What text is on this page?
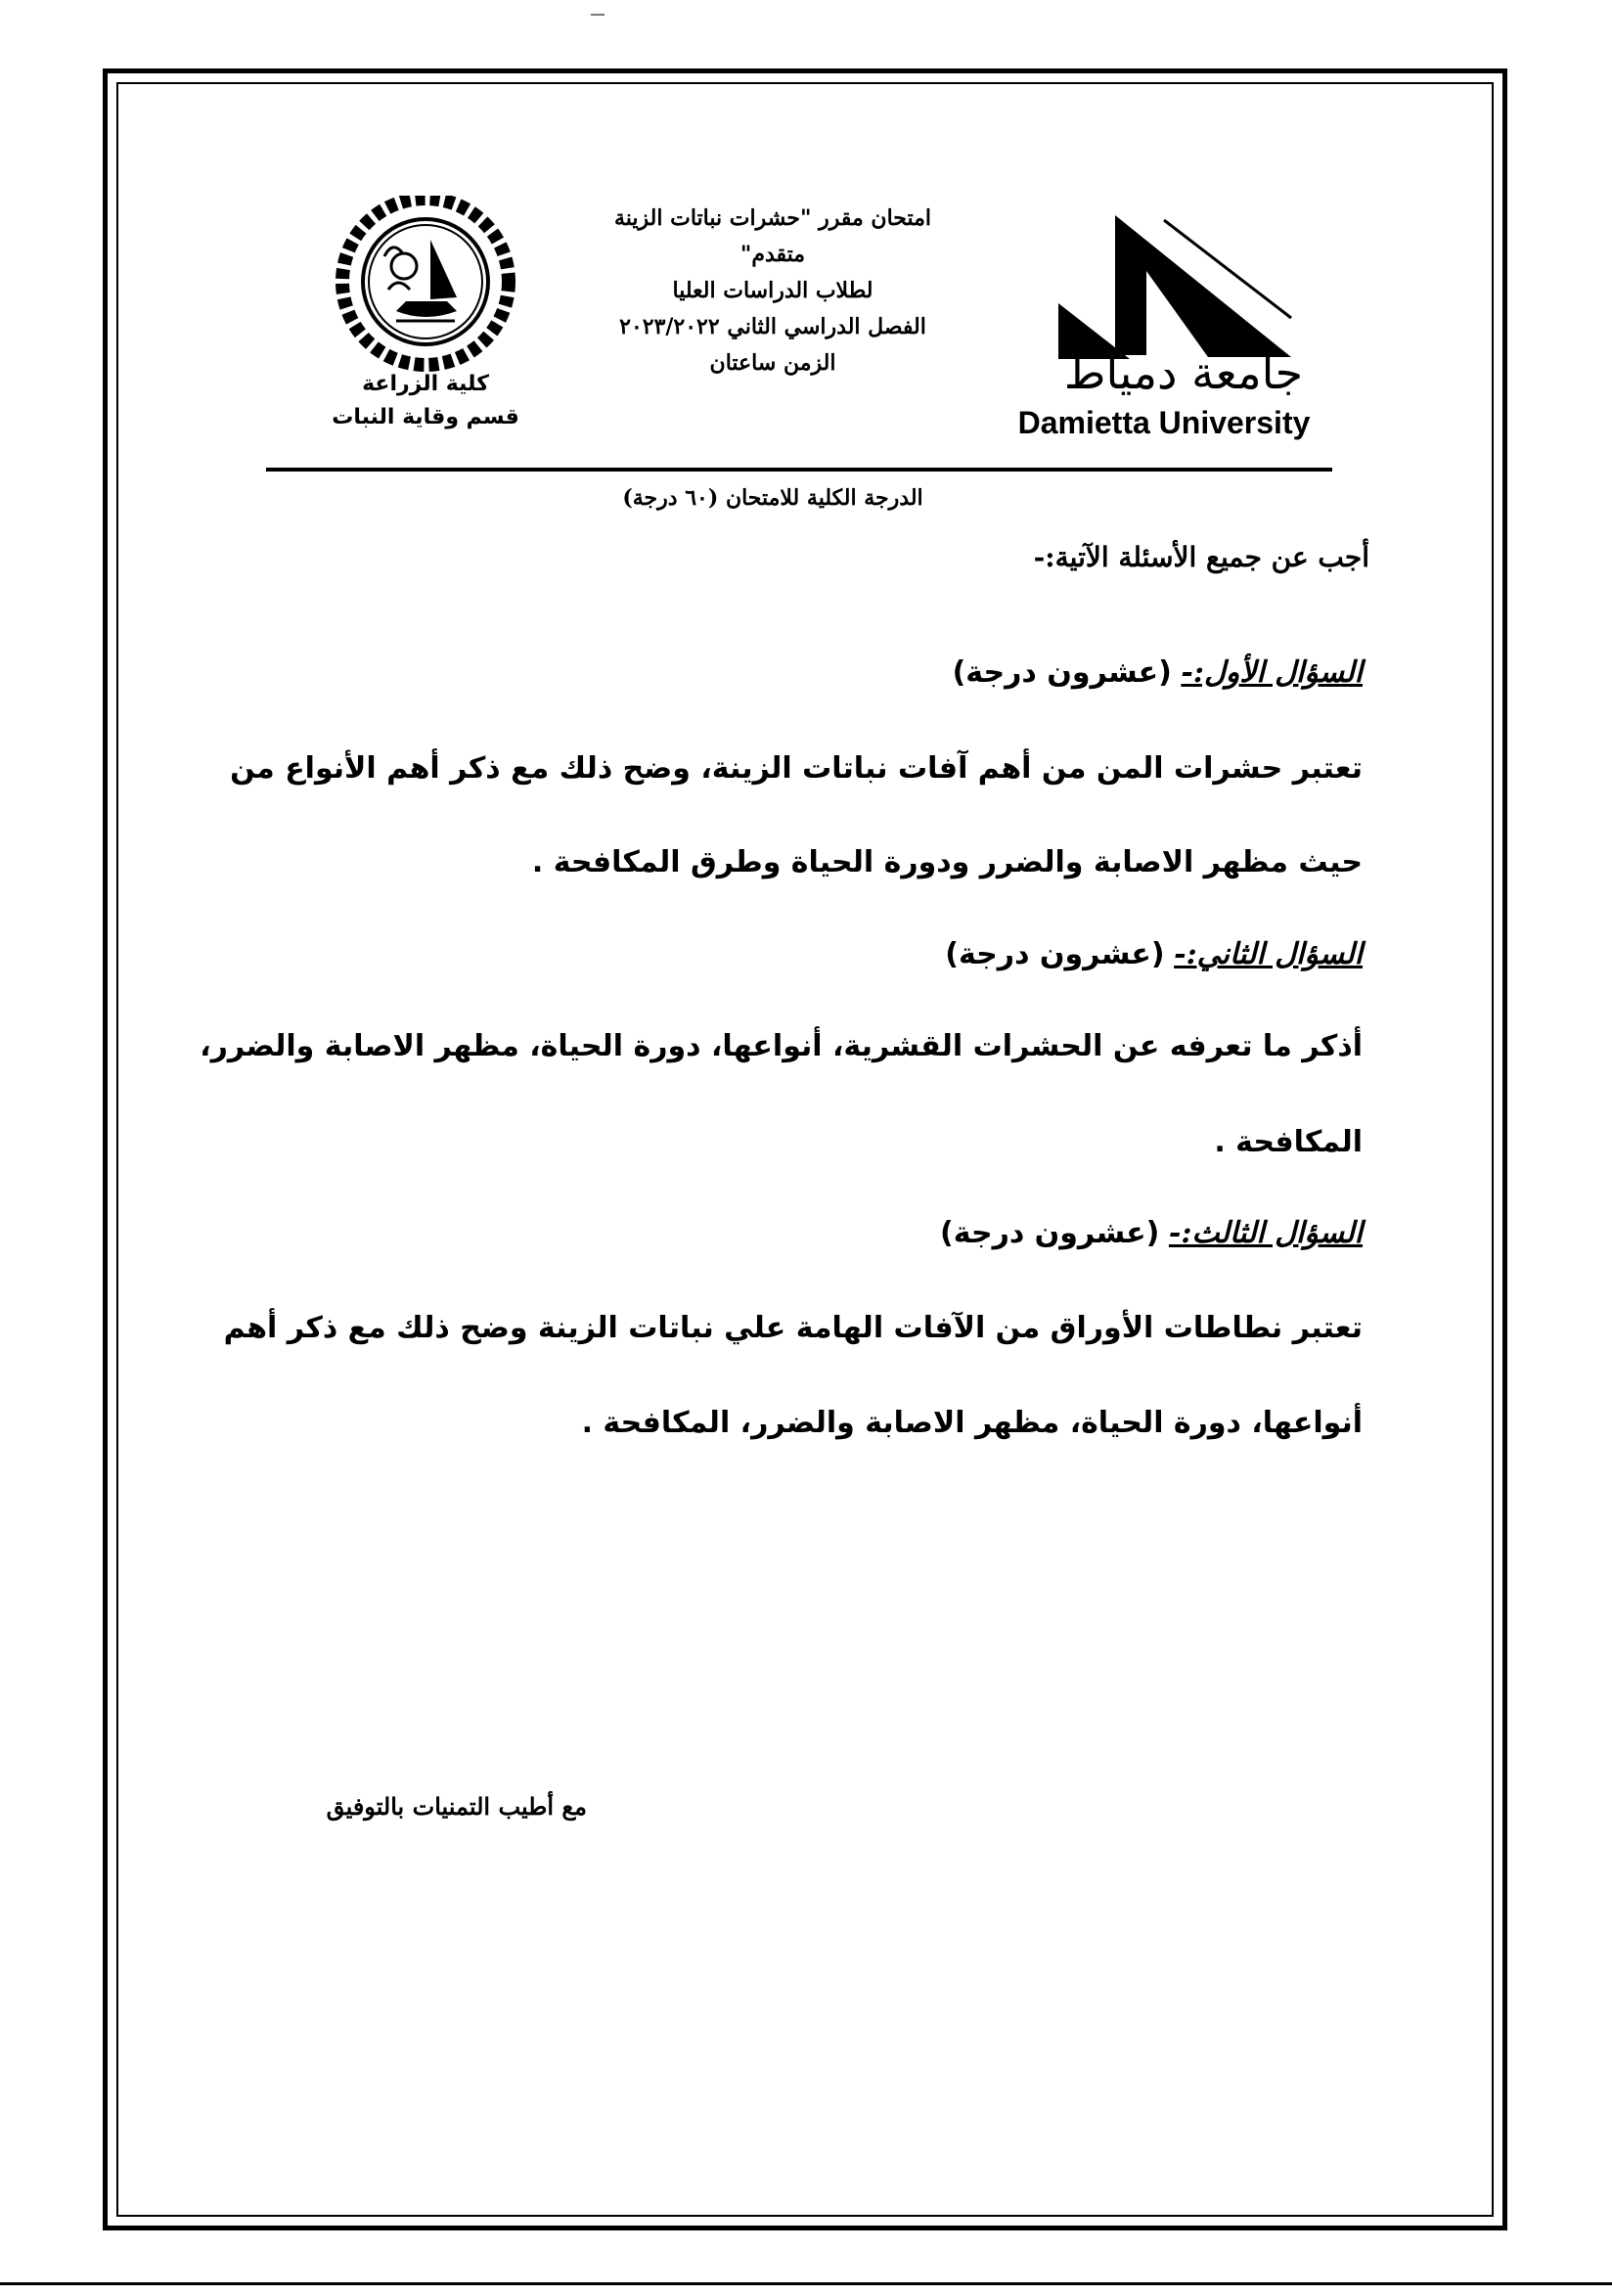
جامعة دمياط
Damietta University
كلية الزراعة
قسم وقاية النبات
امتحان مقرر "حشرات نباتات الزينة
متقدم"
لطلاب الدراسات العليا
الفصل الدراسي الثاني ٢٠٢٣/٢٠٢٢
الزمن ساعتان
الدرجة الكلية للامتحان (٦٠ درجة)
أجب عن جميع الأسئلة الآتية:-
السؤال الأول:- (عشرون درجة)
تعتبر حشرات المن من أهم آفات نباتات الزينة، وضح ذلك مع ذكر أهم الأنواع من
حيث مظهر الاصابة والضرر ودورة الحياة وطرق المكافحة .
السؤال الثاني:- (عشرون درجة)
أذكر ما تعرفه عن الحشرات القشرية، أنواعها، دورة الحياة، مظهر الاصابة والضرر،
المكافحة .
السؤال الثالث:- (عشرون درجة)
تعتبر نطاطات الأوراق من الآفات الهامة علي نباتات الزينة وضح ذلك مع ذكر أهم
أنواعها، دورة الحياة، مظهر الاصابة والضرر، المكافحة .
مع أطيب التمنيات بالتوفيق
